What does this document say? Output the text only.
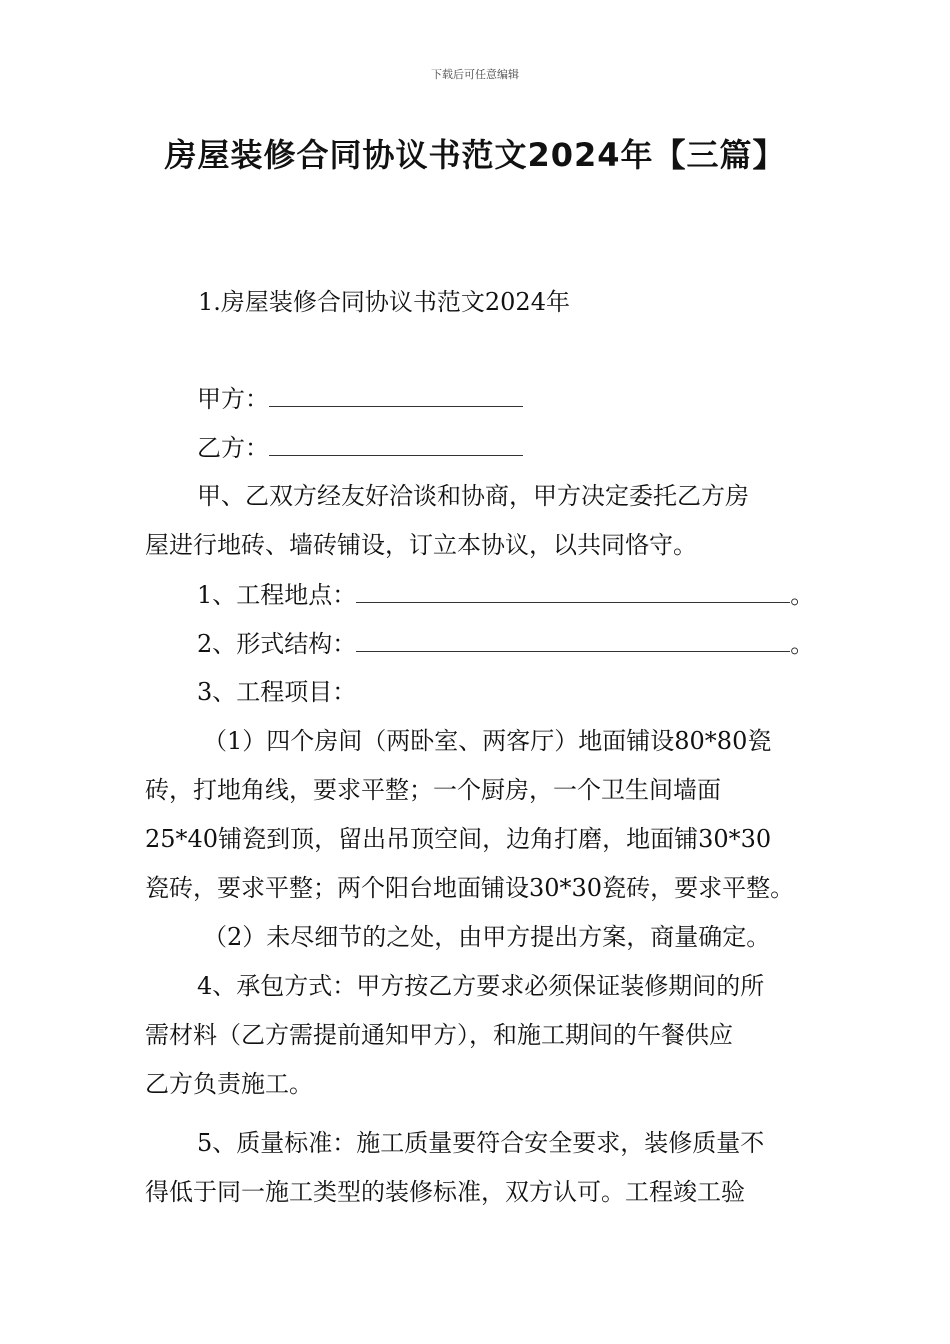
下载后可任意编辑
房屋装修合同协议书范文2024年【三篇】
1.房屋装修合同协议书范文2024年
甲方：
乙方：
甲、乙双方经友好洽谈和协商，甲方决定委托乙方房
屋进行地砖、墙砖铺设，订立本协议，以共同恪守。
1、工程地点：	。
2、形式结构：	。
3、工程项目：
（1）四个房间（两卧室、两客厅）地面铺设80*80瓷
砖，打地角线，要求平整；一个厨房，一个卫生间墙面
25*40铺瓷到顶，留出吊顶空间，边角打磨，地面铺30*30
瓷砖，要求平整；两个阳台地面铺设30*30瓷砖，要求平整。
（2）未尽细节的之处，由甲方提出方案，商量确定。
4、承包方式：甲方按乙方要求必须保证装修期间的所
需材料（乙方需提前通知甲方），和施工期间的午餐供应
乙方负责施工。
5、质量标准：施工质量要符合安全要求，装修质量不
得低于同一施工类型的装修标准，双方认可。工程竣工验
